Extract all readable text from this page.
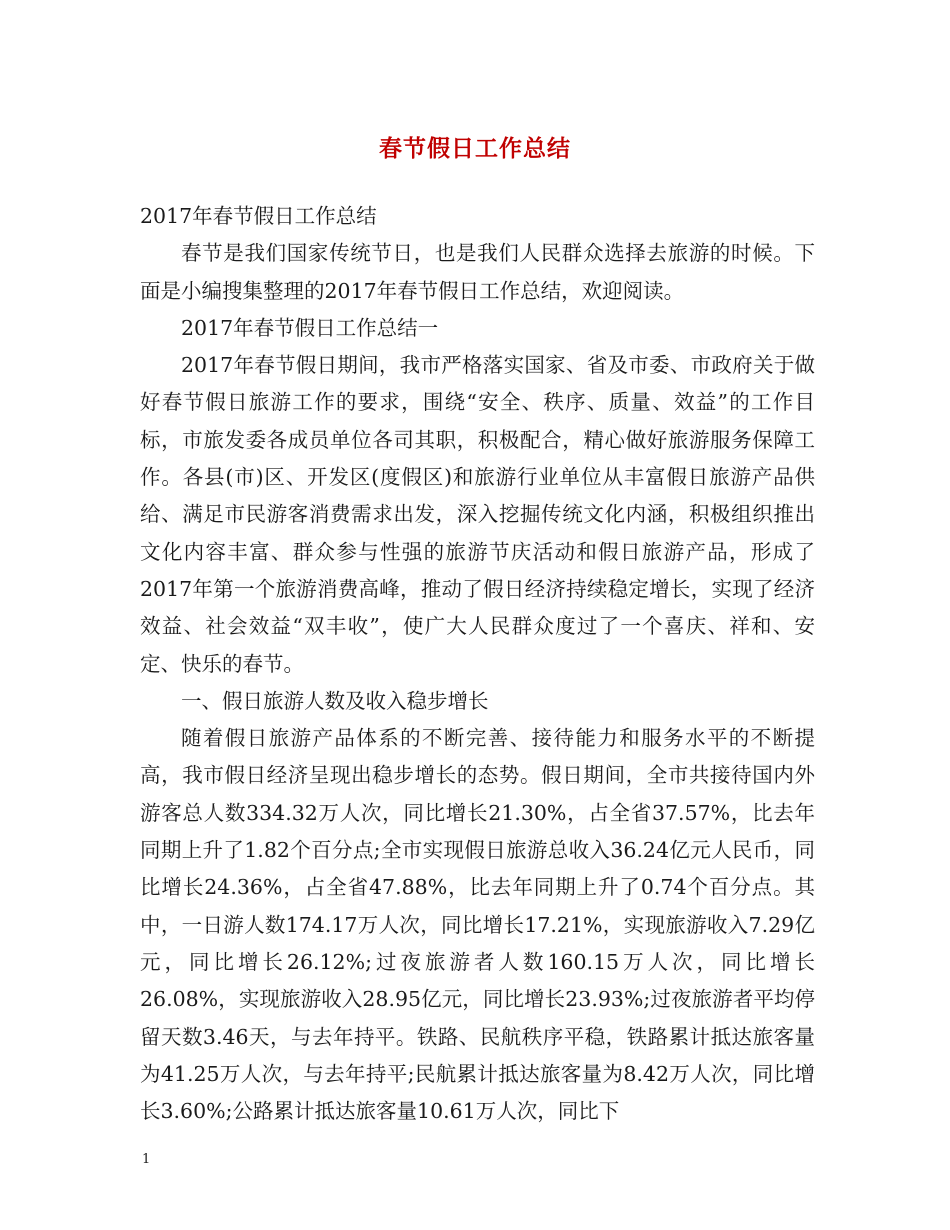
春节假日工作总结

2017年春节假日工作总结

春节是我们国家传统节日，也是我们人民群众选择去旅游的时候。下面是小编搜集整理的2017年春节假日工作总结，欢迎阅读。

2017年春节假日工作总结一

2017年春节假日期间，我市严格落实国家、省及市委、市政府关于做好春节假日旅游工作的要求，围绕“安全、秩序、质量、效益”的工作目标，市旅发委各成员单位各司其职，积极配合，精心做好旅游服务保障工作。各县(市)区、开发区(度假区)和旅游行业单位从丰富假日旅游产品供给、满足市民游客消费需求出发，深入挖掘传统文化内涵，积极组织推出文化内容丰富、群众参与性强的旅游节庆活动和假日旅游产品，形成了2017年第一个旅游消费高峰，推动了假日经济持续稳定增长，实现了经济效益、社会效益“双丰收”，使广大人民群众度过了一个喜庆、祥和、安定、快乐的春节。

一、假日旅游人数及收入稳步增长

随着假日旅游产品体系的不断完善、接待能力和服务水平的不断提高，我市假日经济呈现出稳步增长的态势。假日期间，全市共接待国内外游客总人数334.32万人次，同比增长21.30%，占全省37.57%，比去年同期上升了1.82个百分点;全市实现假日旅游总收入36.24亿元人民币，同比增长24.36%，占全省47.88%，比去年同期上升了0.74个百分点。其中，一日游人数174.17万人次，同比增长17.21%，实现旅游收入7.29亿元，同比增长26.12%;过夜旅游者人数160.15万人次，同比增长26.08%，实现旅游收入28.95亿元，同比增长23.93%;过夜旅游者平均停留天数3.46天，与去年持平。铁路、民航秩序平稳，铁路累计抵达旅客量为41.25万人次，与去年持平;民航累计抵达旅客量为8.42万人次，同比增长3.60%;公路累计抵达旅客量10.61万人次，同比下

1
